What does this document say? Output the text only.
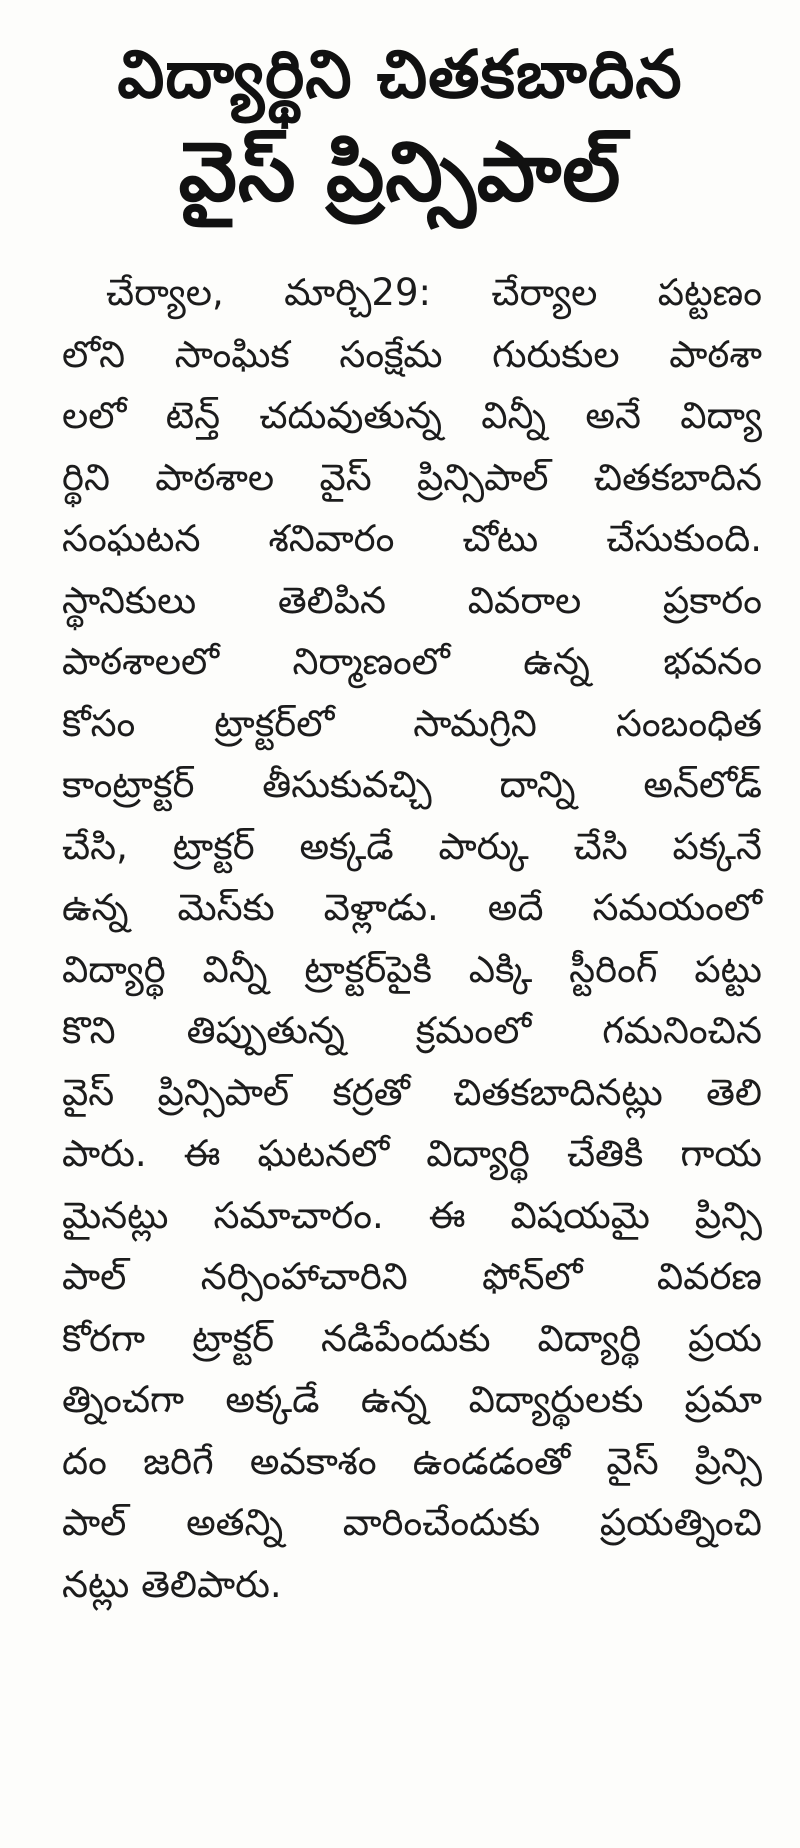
విద్యార్థిని చితకబాదిన
వైస్ ప్రిన్సిపాల్
చేర్యాల, మార్చి29: చేర్యాల పట్టణం
లోని సాంఘిక సంక్షేమ గురుకుల పాఠశా
లలో టెన్త్ చదువుతున్న విన్నీ అనే విద్యా
ర్థిని పాఠశాల వైస్ ప్రిన్సిపాల్ చితకబాదిన
సంఘటన శనివారం చోటు చేసుకుంది.
స్థానికులు తెలిపిన వివరాల ప్రకారం
పాఠశాలలో నిర్మాణంలో ఉన్న భవనం
కోసం ట్రాక్టర్‌లో సామగ్రిని సంబంధిత
కాంట్రాక్టర్ తీసుకువచ్చి దాన్ని అన్‌లోడ్
చేసి, ట్రాక్టర్ అక్కడే పార్కు చేసి పక్కనే
ఉన్న మెస్‌కు వెళ్లాడు. అదే సమయంలో
విద్యార్థి విన్నీ ట్రాక్టర్‌పైకి ఎక్కి స్టీరింగ్ పట్టు
కొని తిప్పుతున్న క్రమంలో గమనించిన
వైస్ ప్రిన్సిపాల్ కర్రతో చితకబాదినట్లు తెలి
పారు. ఈ ఘటనలో విద్యార్థి చేతికి గాయ
మైనట్లు సమాచారం. ఈ విషయమై ప్రిన్సి
పాల్ నర్సింహాచారిని ఫోన్‌లో వివరణ
కోరగా ట్రాక్టర్ నడిపేందుకు విద్యార్థి ప్రయ
త్నించగా అక్కడే ఉన్న విద్యార్థులకు ప్రమా
దం జరిగే అవకాశం ఉండడంతో వైస్ ప్రిన్సి
పాల్ అతన్ని వారించేందుకు ప్రయత్నించి
నట్లు తెలిపారు.
